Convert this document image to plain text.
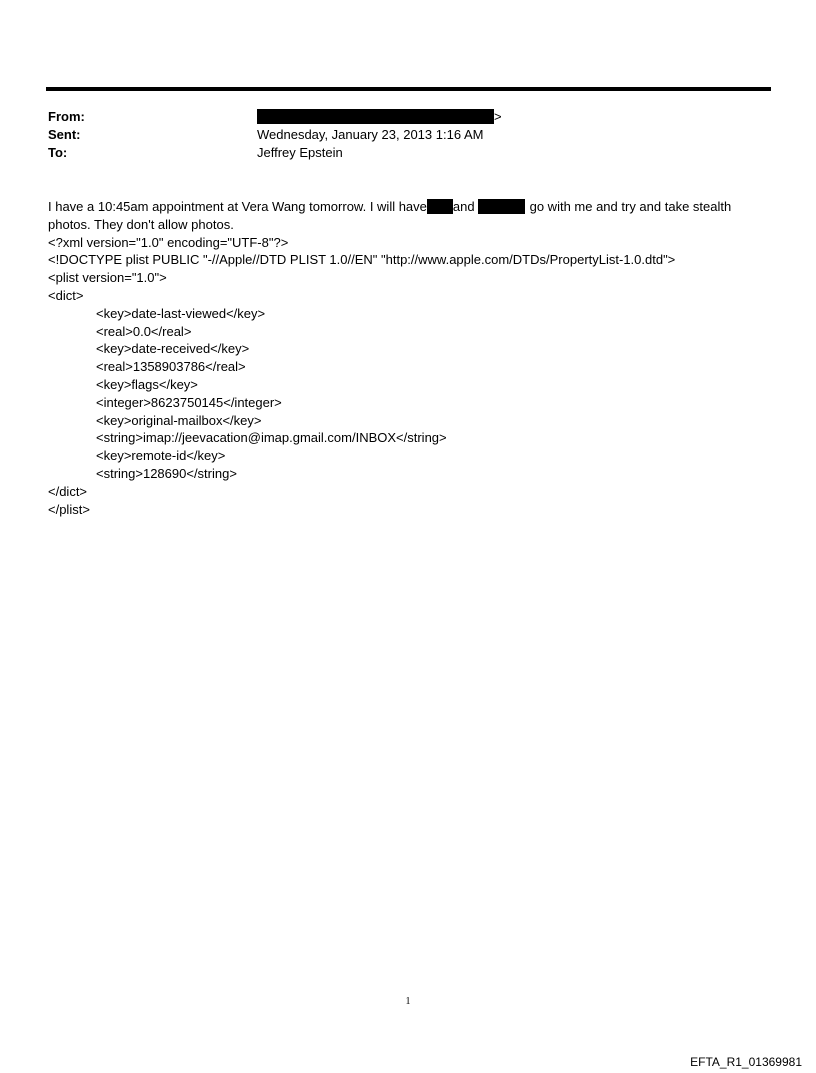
From:	>
Sent:	Wednesday, January 23, 2013 1:16 AM
To:	Jeffrey Epstein
I have a 10:45am appointment at Vera Wang tomorrow. I will have and	go with me and try and take stealth
photos. They don't allow photos.
<?xml version="1.0" encoding="UTF-8"?>
<!DOCTYPE plist PUBLIC "-//Apple//DTD PLIST 1.0//EN" "http://www.apple.com/DTDs/PropertyList-1.0.dtd">
<plist version="1.0">
<dict>
<key>date-last-viewed</key>
<real>0.0</real>
<key>date-received</key>
<real>1358903786</real>
<key>flags</key>
<integer>8623750145</integer>
<key>original-mailbox</key>
<string>imap://jeevacation@imap.gmail.com/INBOX</string>
<key>remote-id</key>
<string>128690</string>
</dict>
</plist>
1
EFTA_R1_01369981
